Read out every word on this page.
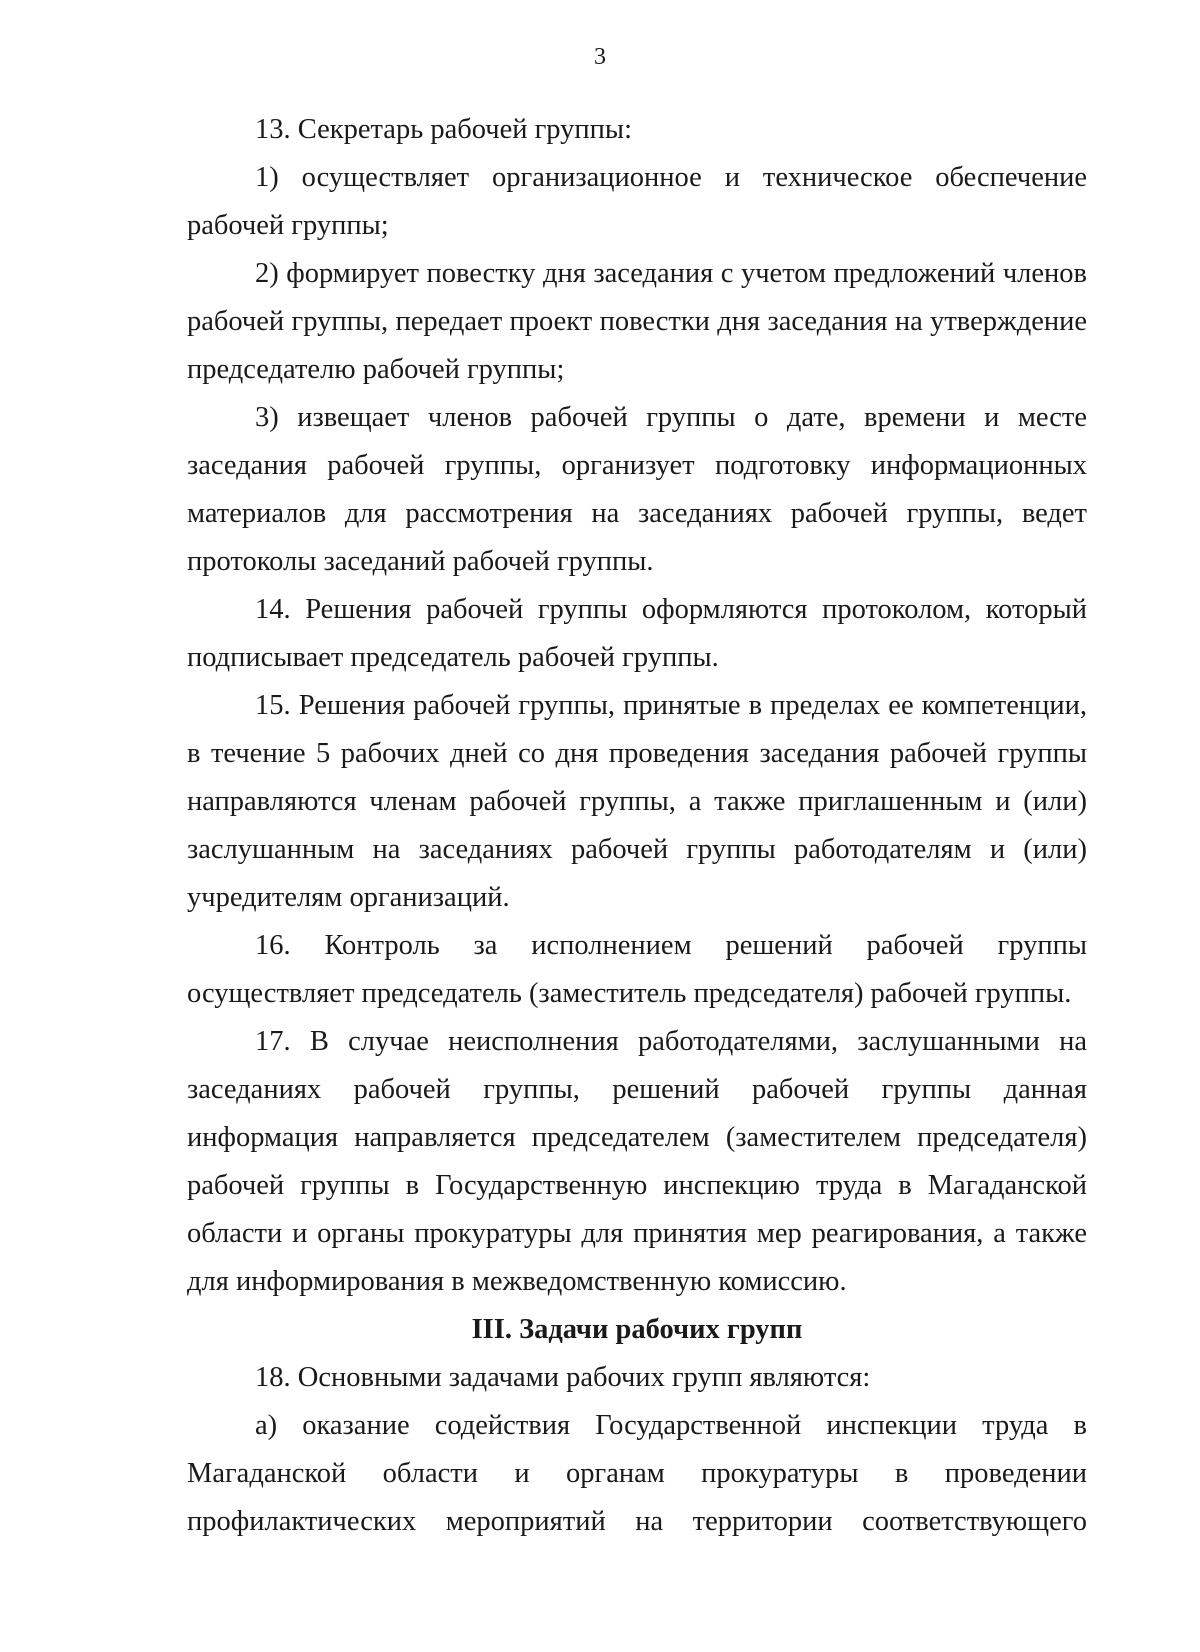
3

13. Секретарь рабочей группы:

1) осуществляет организационное и техническое обеспечение рабочей группы;

2) формирует повестку дня заседания с учетом предложений членов рабочей группы, передает проект повестки дня заседания на утверждение председателю рабочей группы;

3) извещает членов рабочей группы о дате, времени и месте заседания рабочей группы, организует подготовку информационных материалов для рассмотрения на заседаниях рабочей группы, ведет протоколы заседаний рабочей группы.

14. Решения рабочей группы оформляются протоколом, который подписывает председатель рабочей группы.

15. Решения рабочей группы, принятые в пределах ее компетенции, в течение 5 рабочих дней со дня проведения заседания рабочей группы направляются членам рабочей группы, а также приглашенным и (или) заслушанным на заседаниях рабочей группы работодателям и (или) учредителям организаций.

16. Контроль за исполнением решений рабочей группы осуществляет председатель (заместитель председателя) рабочей группы.

17. В случае неисполнения работодателями, заслушанными на заседаниях рабочей группы, решений рабочей группы данная информация направляется председателем (заместителем председателя) рабочей группы в Государственную инспекцию труда в Магаданской области и органы прокуратуры для принятия мер реагирования, а также для информирования в межведомственную комиссию.

III. Задачи рабочих групп

18. Основными задачами рабочих групп являются:

а) оказание содействия Государственной инспекции труда в Магаданской области и органам прокуратуры в проведении профилактических мероприятий на территории соответствующего
